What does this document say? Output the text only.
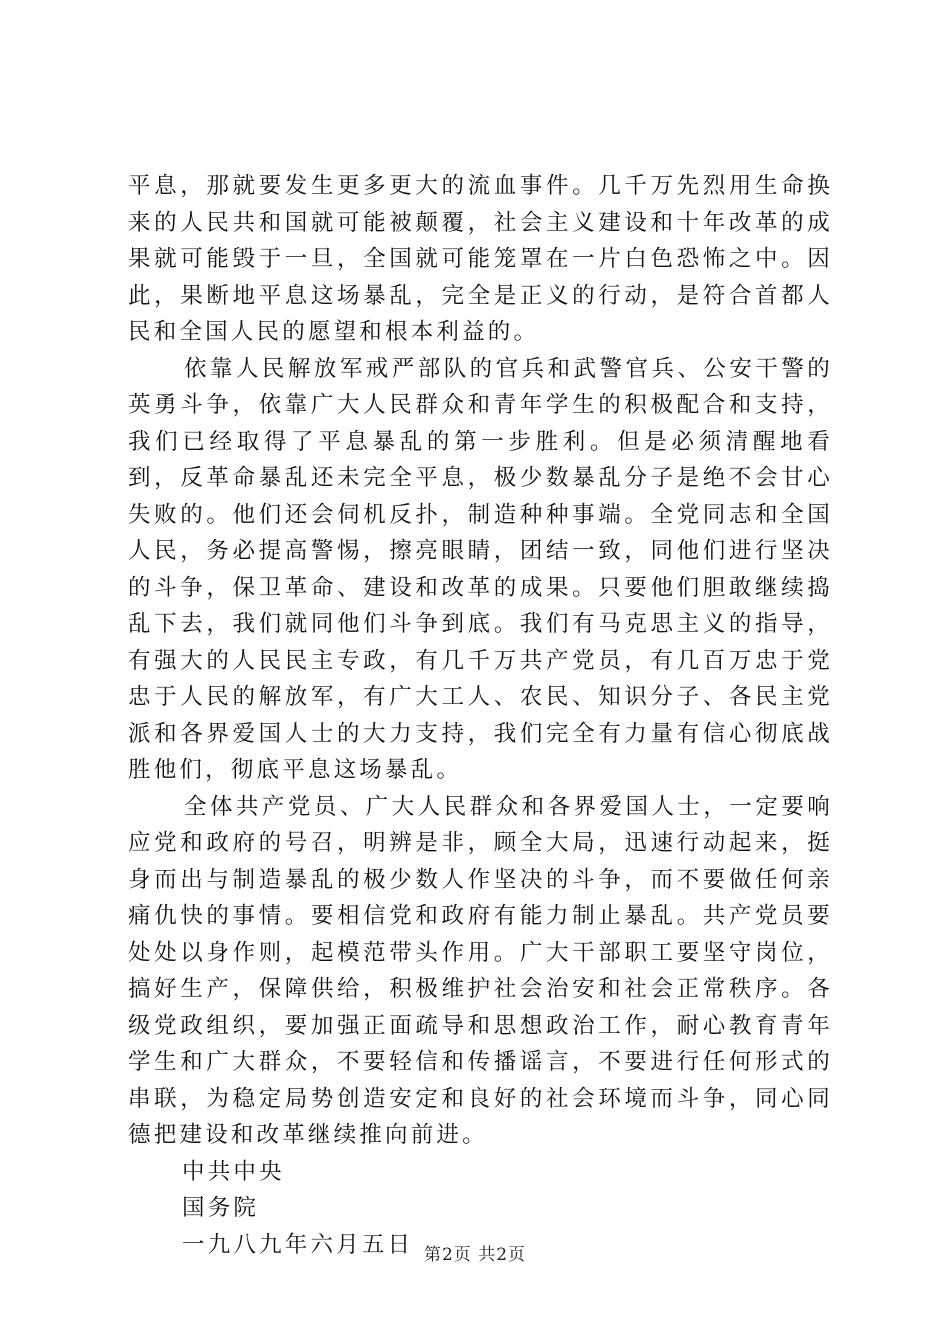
平息，那就要发生更多更大的流血事件。几千万先烈用生命换来的人民共和国就可能被颠覆，社会主义建设和十年改革的成果就可能毁于一旦，全国就可能笼罩在一片白色恐怖之中。因此，果断地平息这场暴乱，完全是正义的行动，是符合首都人民和全国人民的愿望和根本利益的。

依靠人民解放军戒严部队的官兵和武警官兵、公安干警的英勇斗争，依靠广大人民群众和青年学生的积极配合和支持，我们已经取得了平息暴乱的第一步胜利。但是必须清醒地看到，反革命暴乱还未完全平息，极少数暴乱分子是绝不会甘心失败的。他们还会伺机反扑，制造种种事端。全党同志和全国人民，务必提高警惕，擦亮眼睛，团结一致，同他们进行坚决的斗争，保卫革命、建设和改革的成果。只要他们胆敢继续捣乱下去，我们就同他们斗争到底。我们有马克思主义的指导，有强大的人民民主专政，有几千万共产党员，有几百万忠于党忠于人民的解放军，有广大工人、农民、知识分子、各民主党派和各界爱国人士的大力支持，我们完全有力量有信心彻底战胜他们，彻底平息这场暴乱。

全体共产党员、广大人民群众和各界爱国人士，一定要响应党和政府的号召，明辨是非，顾全大局，迅速行动起来，挺身而出与制造暴乱的极少数人作坚决的斗争，而不要做任何亲痛仇快的事情。要相信党和政府有能力制止暴乱。共产党员要处处以身作则，起模范带头作用。广大干部职工要坚守岗位，搞好生产，保障供给，积极维护社会治安和社会正常秩序。各级党政组织，要加强正面疏导和思想政治工作，耐心教育青年学生和广大群众，不要轻信和传播谣言，不要进行任何形式的串联，为稳定局势创造安定和良好的社会环境而斗争，同心同德把建设和改革继续推向前进。

中共中央

国务院

一九八九年六月五日 第2页 共2页
